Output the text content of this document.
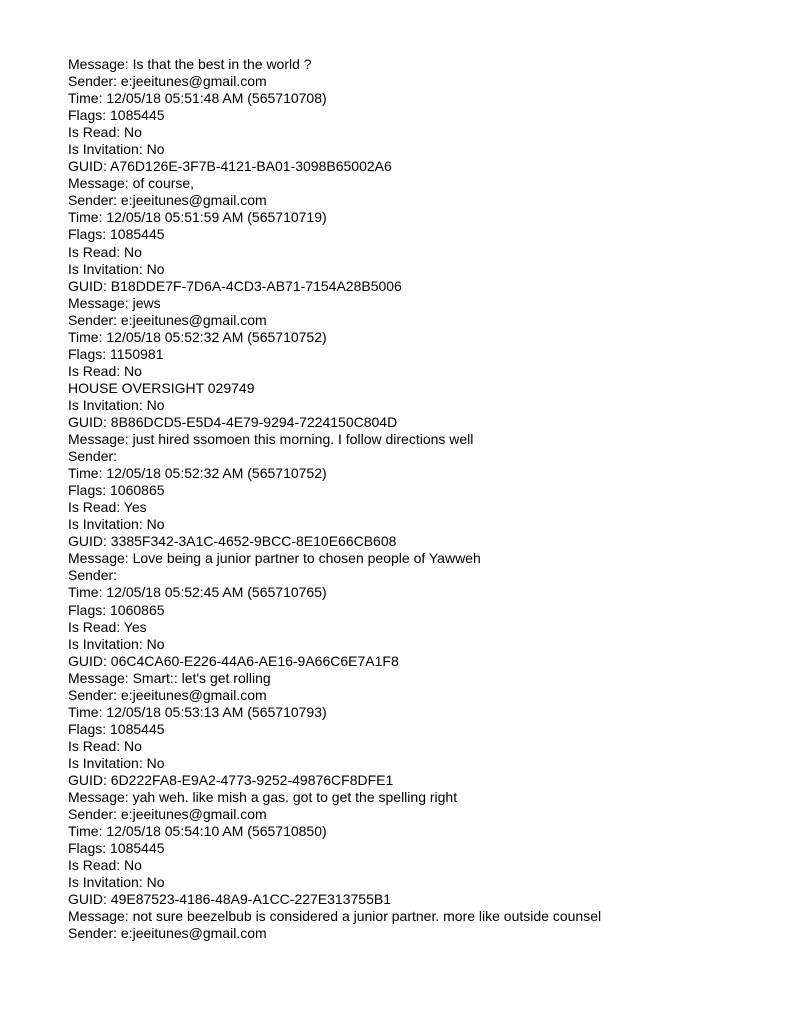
Message: Is that the best in the world ?

Sender: e:jeeitunes@gmail.com

Time: 12/05/18 05:51:48 AM (565710708)

Flags: 1085445

Is Read: No

Is Invitation: No

GUID: A76D126E-3F7B-4121-BA01-3098B65002A6

Message: of course,

Sender: e:jeeitunes@gmail.com

Time: 12/05/18 05:51:59 AM (565710719)

Flags: 1085445

Is Read: No

Is Invitation: No

GUID: B18DDE7F-7D6A-4CD3-AB71-7154A28B5006

Message: jews

Sender: e:jeeitunes@gmail.com

Time: 12/05/18 05:52:32 AM (565710752)

Flags: 1150981

Is Read: No

HOUSE OVERSIGHT 029749

Is Invitation: No

GUID: 8B86DCD5-E5D4-4E79-9294-7224150C804D

Message: just hired ssomoen this morning. I follow directions well

Sender:

Time: 12/05/18 05:52:32 AM (565710752)

Flags: 1060865

Is Read: Yes

Is Invitation: No

GUID: 3385F342-3A1C-4652-9BCC-8E10E66CB608

Message: Love being a junior partner to chosen people of Yawweh

Sender:

Time: 12/05/18 05:52:45 AM (565710765)

Flags: 1060865

Is Read: Yes

Is Invitation: No

GUID: 06C4CA60-E226-44A6-AE16-9A66C6E7A1F8

Message: Smart:: let's get rolling

Sender: e:jeeitunes@gmail.com

Time: 12/05/18 05:53:13 AM (565710793)

Flags: 1085445

Is Read: No

Is Invitation: No

GUID: 6D222FA8-E9A2-4773-9252-49876CF8DFE1

Message: yah weh. like mish a gas. got to get the spelling right

Sender: e:jeeitunes@gmail.com

Time: 12/05/18 05:54:10 AM (565710850)

Flags: 1085445

Is Read: No

Is Invitation: No

GUID: 49E87523-4186-48A9-A1CC-227E313755B1

Message: not sure beezelbub is considered a junior partner. more like outside counsel

Sender: e:jeeitunes@gmail.com
